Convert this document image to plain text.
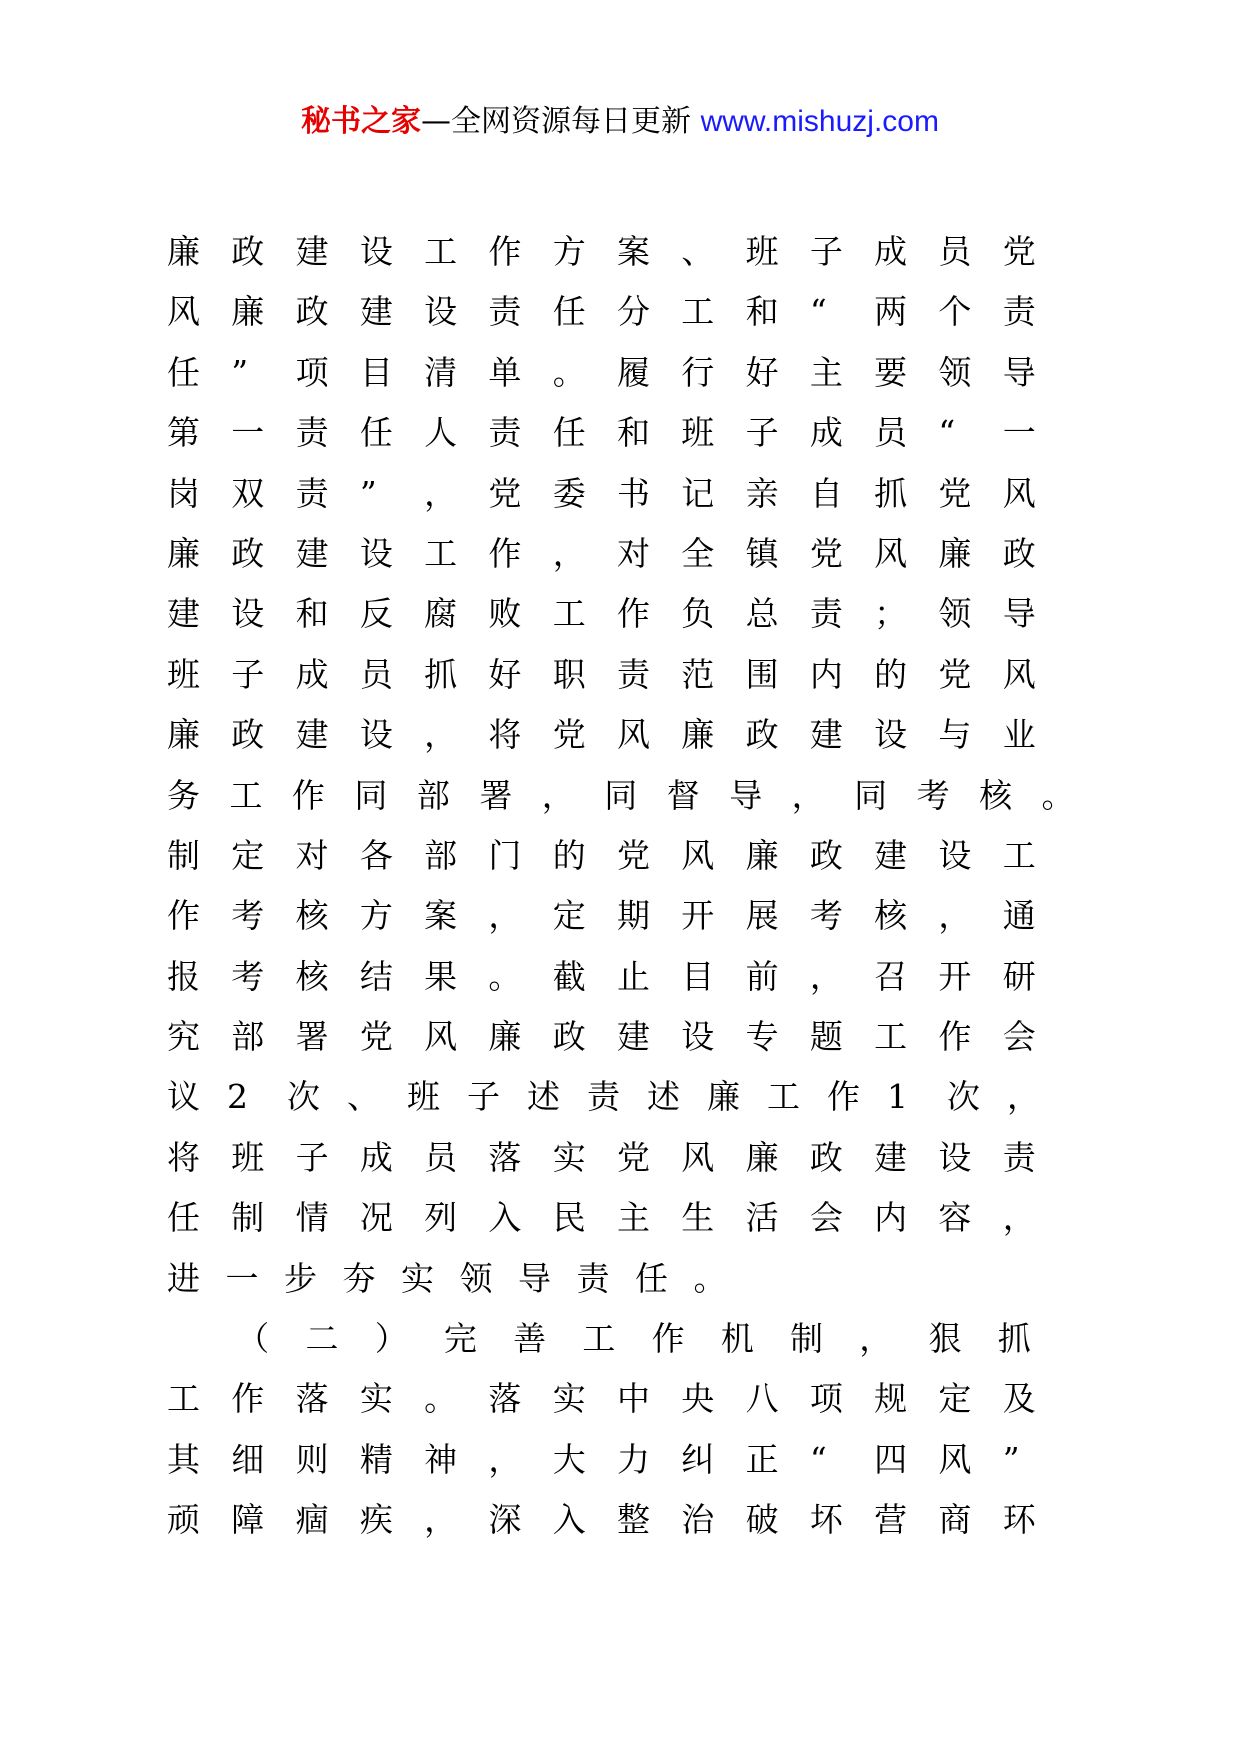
秘书之家—全网资源每日更新 www.mishuzj.com
廉 政 建 设 工 作 方 案 、 班 子 成 员 党
风 廉 政 建 设 责 任 分 工 和 “	两 个 责
任 ”	项 目 清 单 。 履 行 好 主 要 领 导
第 一 责 任 人 责 任 和 班 子 成 员 “	一
岗 双 责 ”	， 党 委 书 记 亲 自 抓 党 风
廉 政 建 设 工 作 ， 对 全 镇 党 风 廉 政
建 设 和 反 腐 败 工 作 负 总 责 ； 领 导
班 子 成 员 抓 好 职 责 范 围 内 的 党 风
廉 政 建 设 ， 将 党 风 廉 政 建 设 与 业
务 工 作 同 部 署 ， 同 督 导 ， 同 考 核 。
制 定 对 各 部 门 的 党 风 廉 政 建 设 工
作 考 核 方 案 ， 定 期 开 展 考 核 ， 通
报 考 核 结 果 。 截 止 目 前 ， 召 开 研
究 部 署 党 风 廉 政 建 设 专 题 工 作 会
议 2	次 、 班 子 述 责 述 廉 工 作 1	次 ，
将 班 子 成 员 落 实 党 风 廉 政 建 设 责
任 制 情 况 列 入 民 主 生 活 会 内 容 ，
进 一 步 夯 实 领 导 责 任 。

（	二	）	完	善	工	作	机	制	，	狠	抓
工 作 落 实 。 落 实 中 央 八 项 规 定 及
其 细 则 精 神 ， 大 力 纠 正 “	四 风 ”
顽 障 痼 疾 ， 深 入 整 治 破 坏 营 商 环
